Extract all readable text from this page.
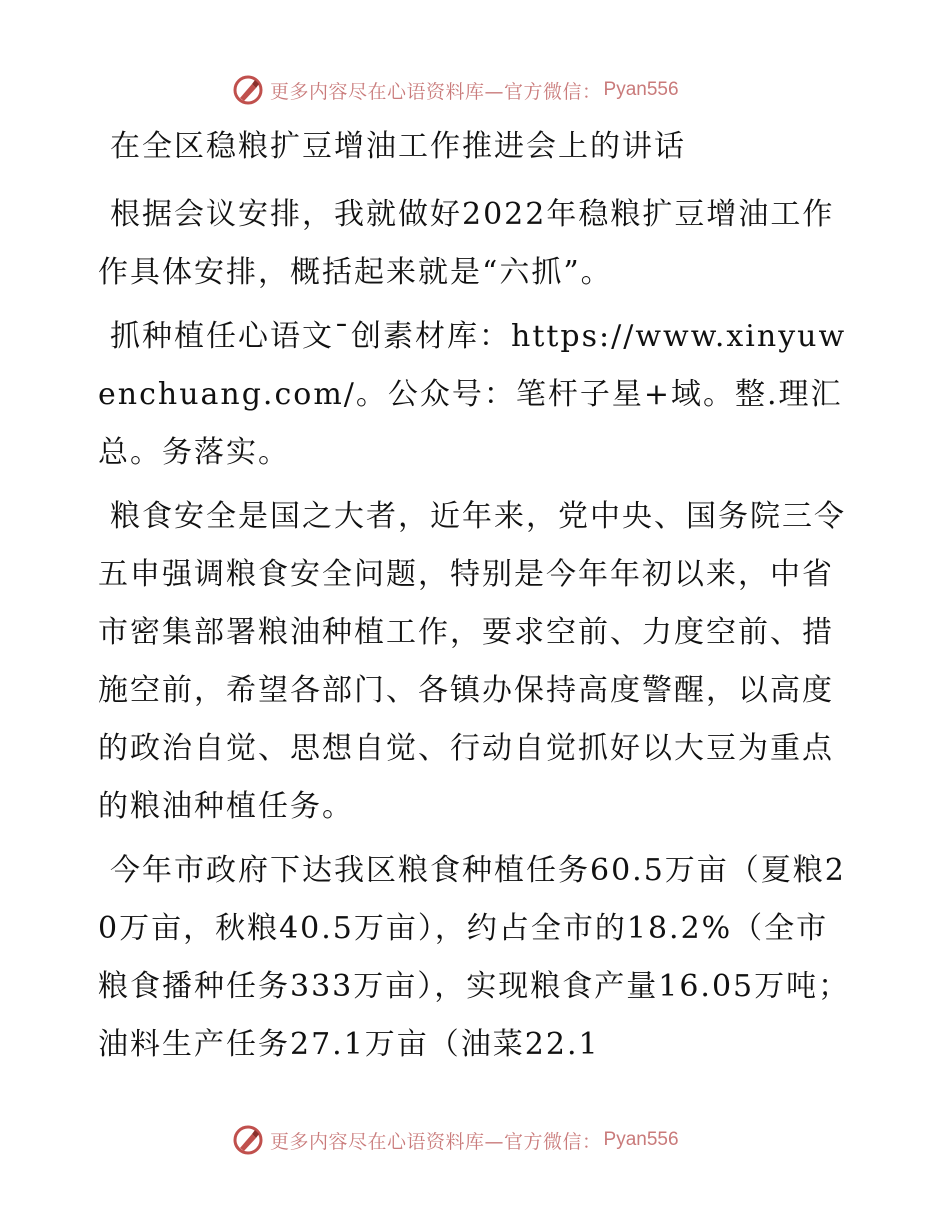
更多内容尽在心语资料库—官方微信： Pyan556
在全区稳粮扩豆增油工作推进会上的讲话

根据会议安排，我就做好2022年稳粮扩豆增油工作作具体安排，概括起来就是“六抓”。

抓种植任心语文¯创素材库：https://www.xinyuwenchuang.com/。公众号：笔杆子星+域。整.理汇总。务落实。

粮食安全是国之大者，近年来，党中央、国务院三令五申强调粮食安全问题，特别是今年年初以来，中省市密集部署粮油种植工作，要求空前、力度空前、措施空前，希望各部门、各镇办保持高度警醒，以高度的政治自觉、思想自觉、行动自觉抓好以大豆为重点的粮油种植任务。

今年市政府下达我区粮食种植任务60.5万亩（夏粮20万亩，秋粮40.5万亩），约占全市的18.2%（全市粮食播种任务333万亩），实现粮食产量16.05万吨；油料生产任务27.1万亩（油菜22.1

更多内容尽在心语资料库—官方微信： Pyan556
